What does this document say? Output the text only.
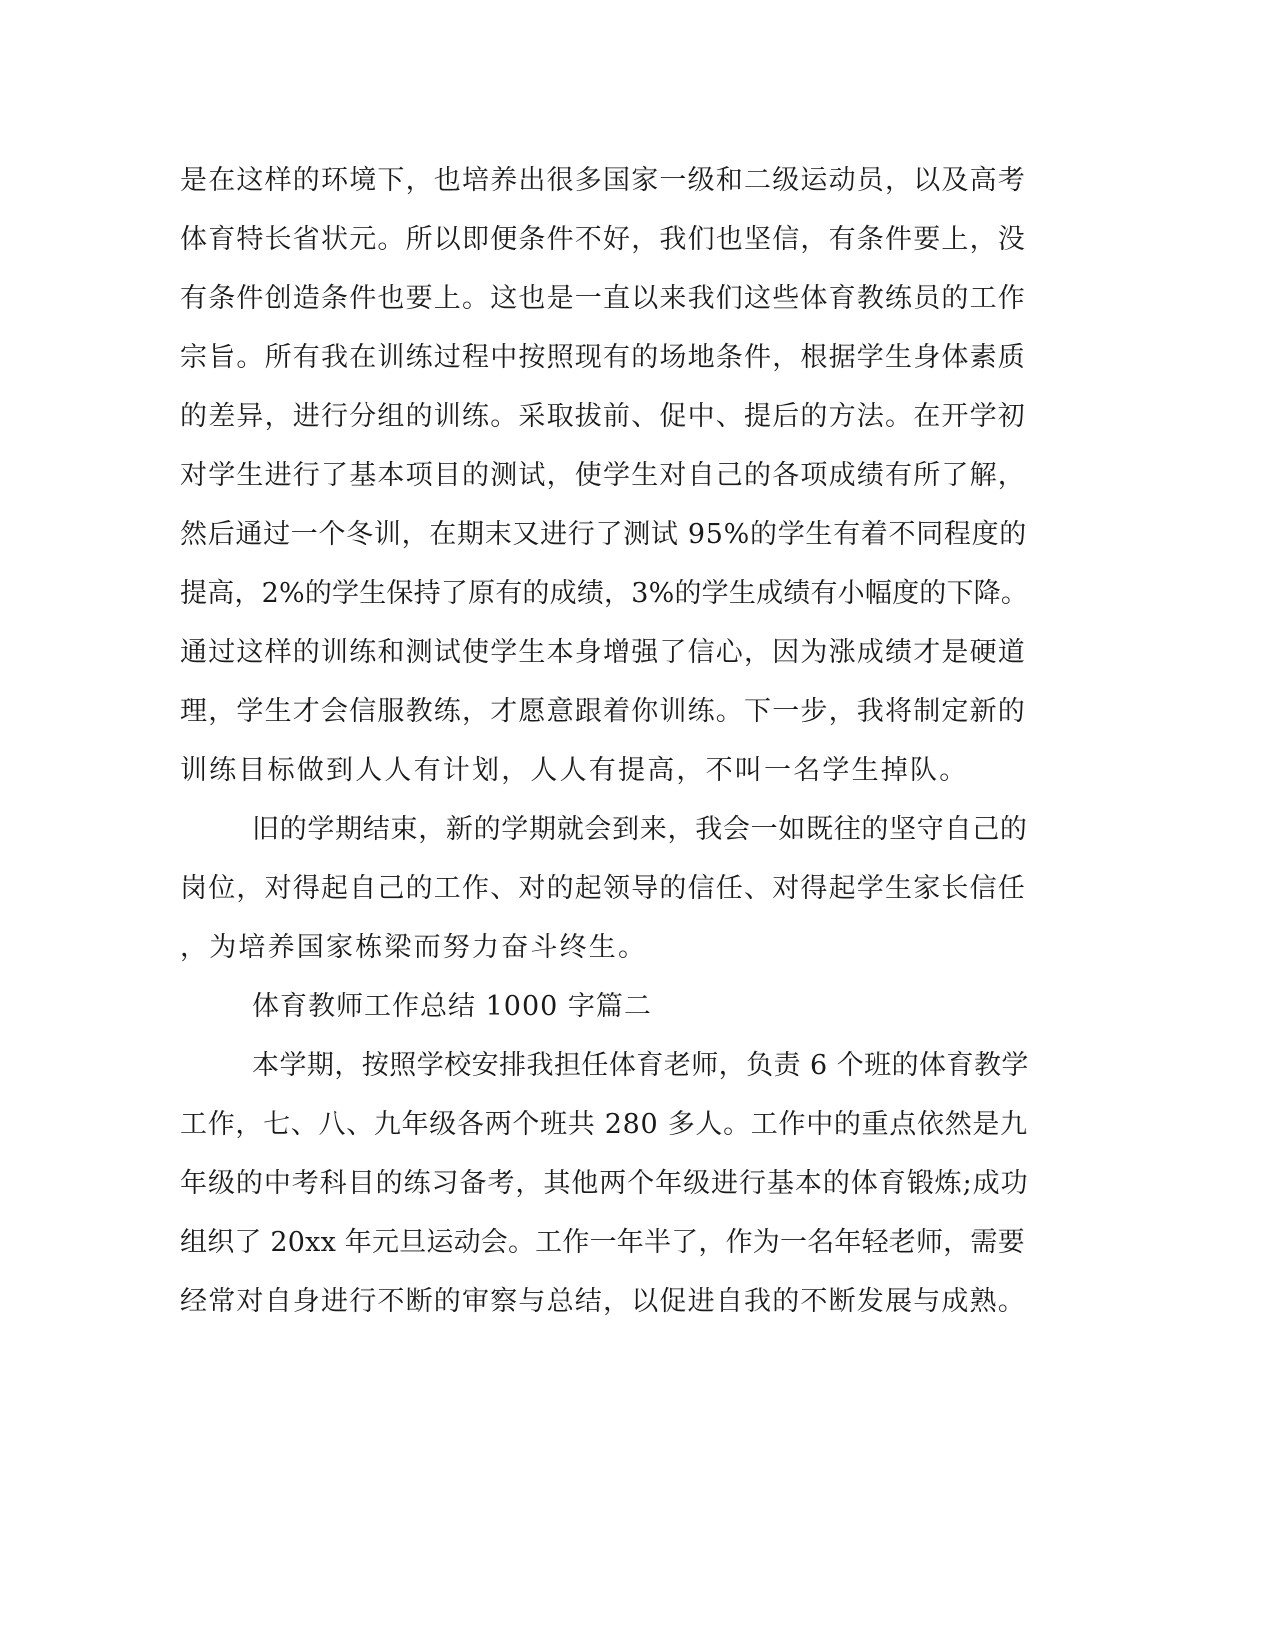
是在这样的环境下，也培养出很多国家一级和二级运动员，以及高考
体育特长省状元。所以即便条件不好，我们也坚信，有条件要上，没
有条件创造条件也要上。这也是一直以来我们这些体育教练员的工作
宗旨。所有我在训练过程中按照现有的场地条件，根据学生身体素质
的差异，进行分组的训练。采取拔前、促中、提后的方法。在开学初
对学生进行了基本项目的测试，使学生对自己的各项成绩有所了解，
然后通过一个冬训，在期末又进行了测试 95%的学生有着不同程度的
提高，2%的学生保持了原有的成绩，3%的学生成绩有小幅度的下降。
通过这样的训练和测试使学生本身增强了信心，因为涨成绩才是硬道
理，学生才会信服教练，才愿意跟着你训练。下一步，我将制定新的
训练目标做到人人有计划，人人有提高，不叫一名学生掉队。
旧的学期结束，新的学期就会到来，我会一如既往的坚守自己的
岗位，对得起自己的工作、对的起领导的信任、对得起学生家长信任
，为培养国家栋梁而努力奋斗终生。
体育教师工作总结 1000 字篇二
本学期，按照学校安排我担任体育老师，负责 6 个班的体育教学
工作，七、八、九年级各两个班共 280 多人。工作中的重点依然是九
年级的中考科目的练习备考，其他两个年级进行基本的体育锻炼;成功
组织了 20xx 年元旦运动会。工作一年半了，作为一名年轻老师，需要
经常对自身进行不断的审察与总结，以促进自我的不断发展与成熟。
